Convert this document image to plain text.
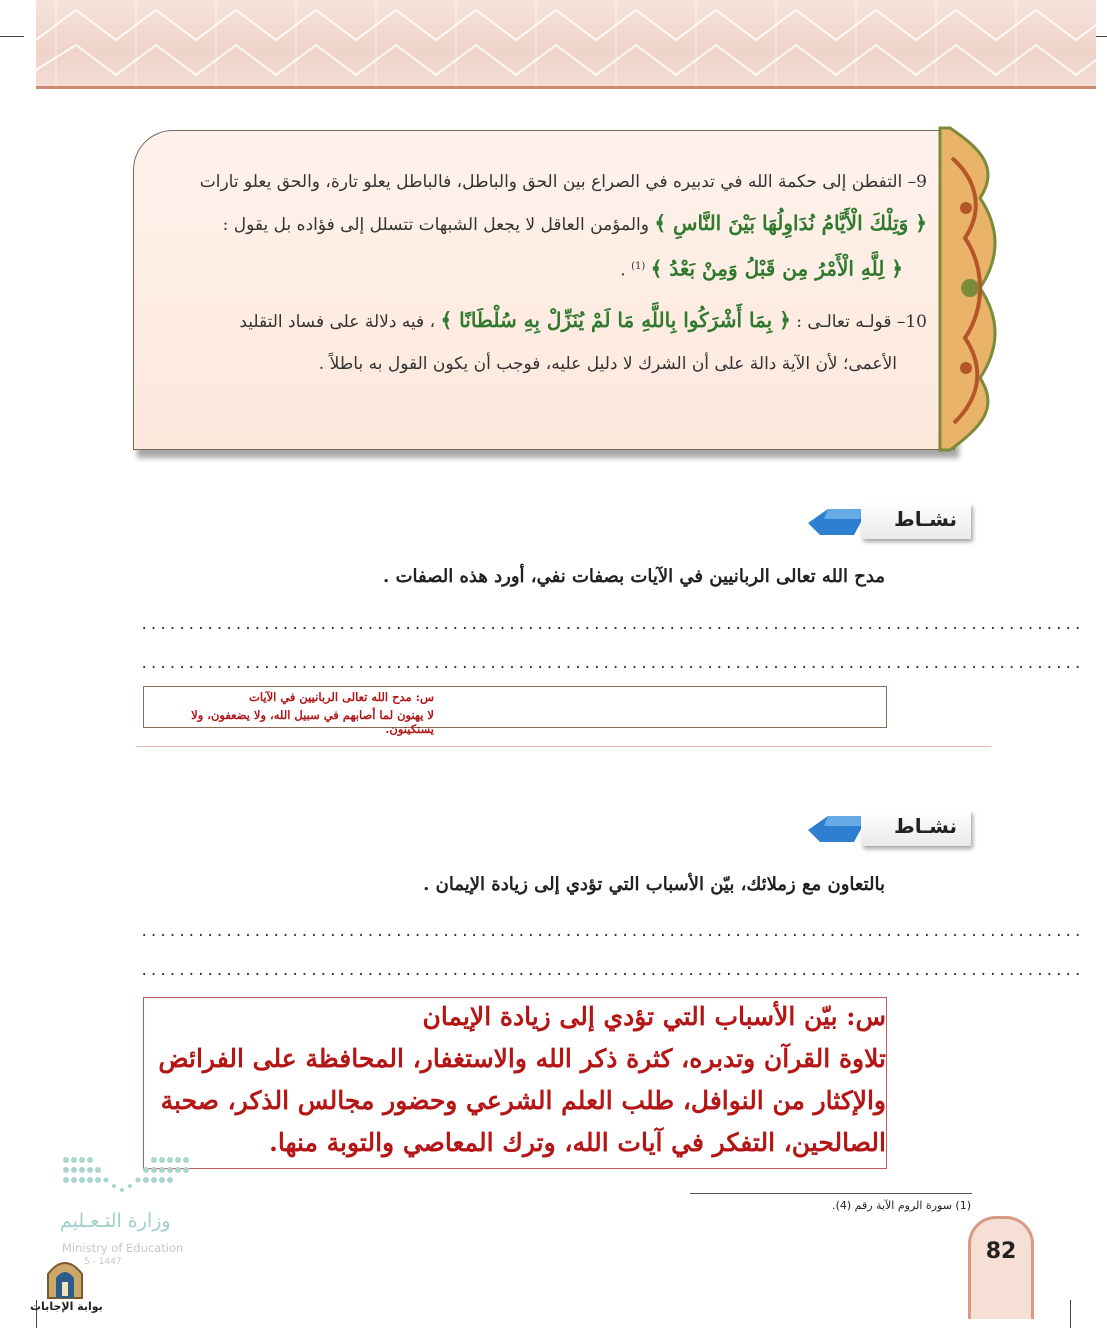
9– التفطن إلى حكمة الله في تدبيره في الصراع بين الحق والباطل، فالباطل يعلو تارة، والحق يعلو تارات
﴿ وَتِلْكَ الْأَيَّامُ نُدَاوِلُهَا بَيْنَ النَّاسِ ﴾ والمؤمن العاقل لا يجعل الشبهات تتسلل إلى فؤاده بل يقول :
﴿ لِلَّهِ الْأَمْرُ مِن قَبْلُ وَمِنْ بَعْدُ ﴾ $^{(1)}$ .
10– قولـه تعالـى : ﴿ بِمَا أَشْرَكُوا بِاللَّهِ مَا لَمْ يُنَزِّلْ بِهِ سُلْطَانًا ﴾ ، فيه دلالة على فساد التقليد
الأعمى؛ لأن الآية دالة على أن الشرك لا دليل عليه، فوجب أن يكون القول به باطلاً .
نشـاط
مدح الله تعالى الربانيين في الآيات بصفات نفي، أورد هذه الصفات .
....................................................................................................
....................................................................................................
س: مدح الله تعالى الربانيين في الآيات
لا يهنون لما أصابهم في سبيل الله، ولا يضعفون، ولا يستكينون.
نشـاط
بالتعاون مع زملائك، بيّن الأسباب التي تؤدي إلى زيادة الإيمان .
....................................................................................................
....................................................................................................
س: بيّن الأسباب التي تؤدي إلى زيادة الإيمان
تلاوة القرآن وتدبره، كثرة ذكر الله والاستغفار، المحافظة على الفرائض
والإكثار من النوافل، طلب العلم الشرعي وحضور مجالس الذكر، صحبة
الصالحين، التفكر في آيات الله، وترك المعاصي والتوبة منها.
(1) سورة الروم الآية رقم (4).
82
وزارة التـعـليم
Ministry of Education
5 - 1447
بوابة الإجابات
